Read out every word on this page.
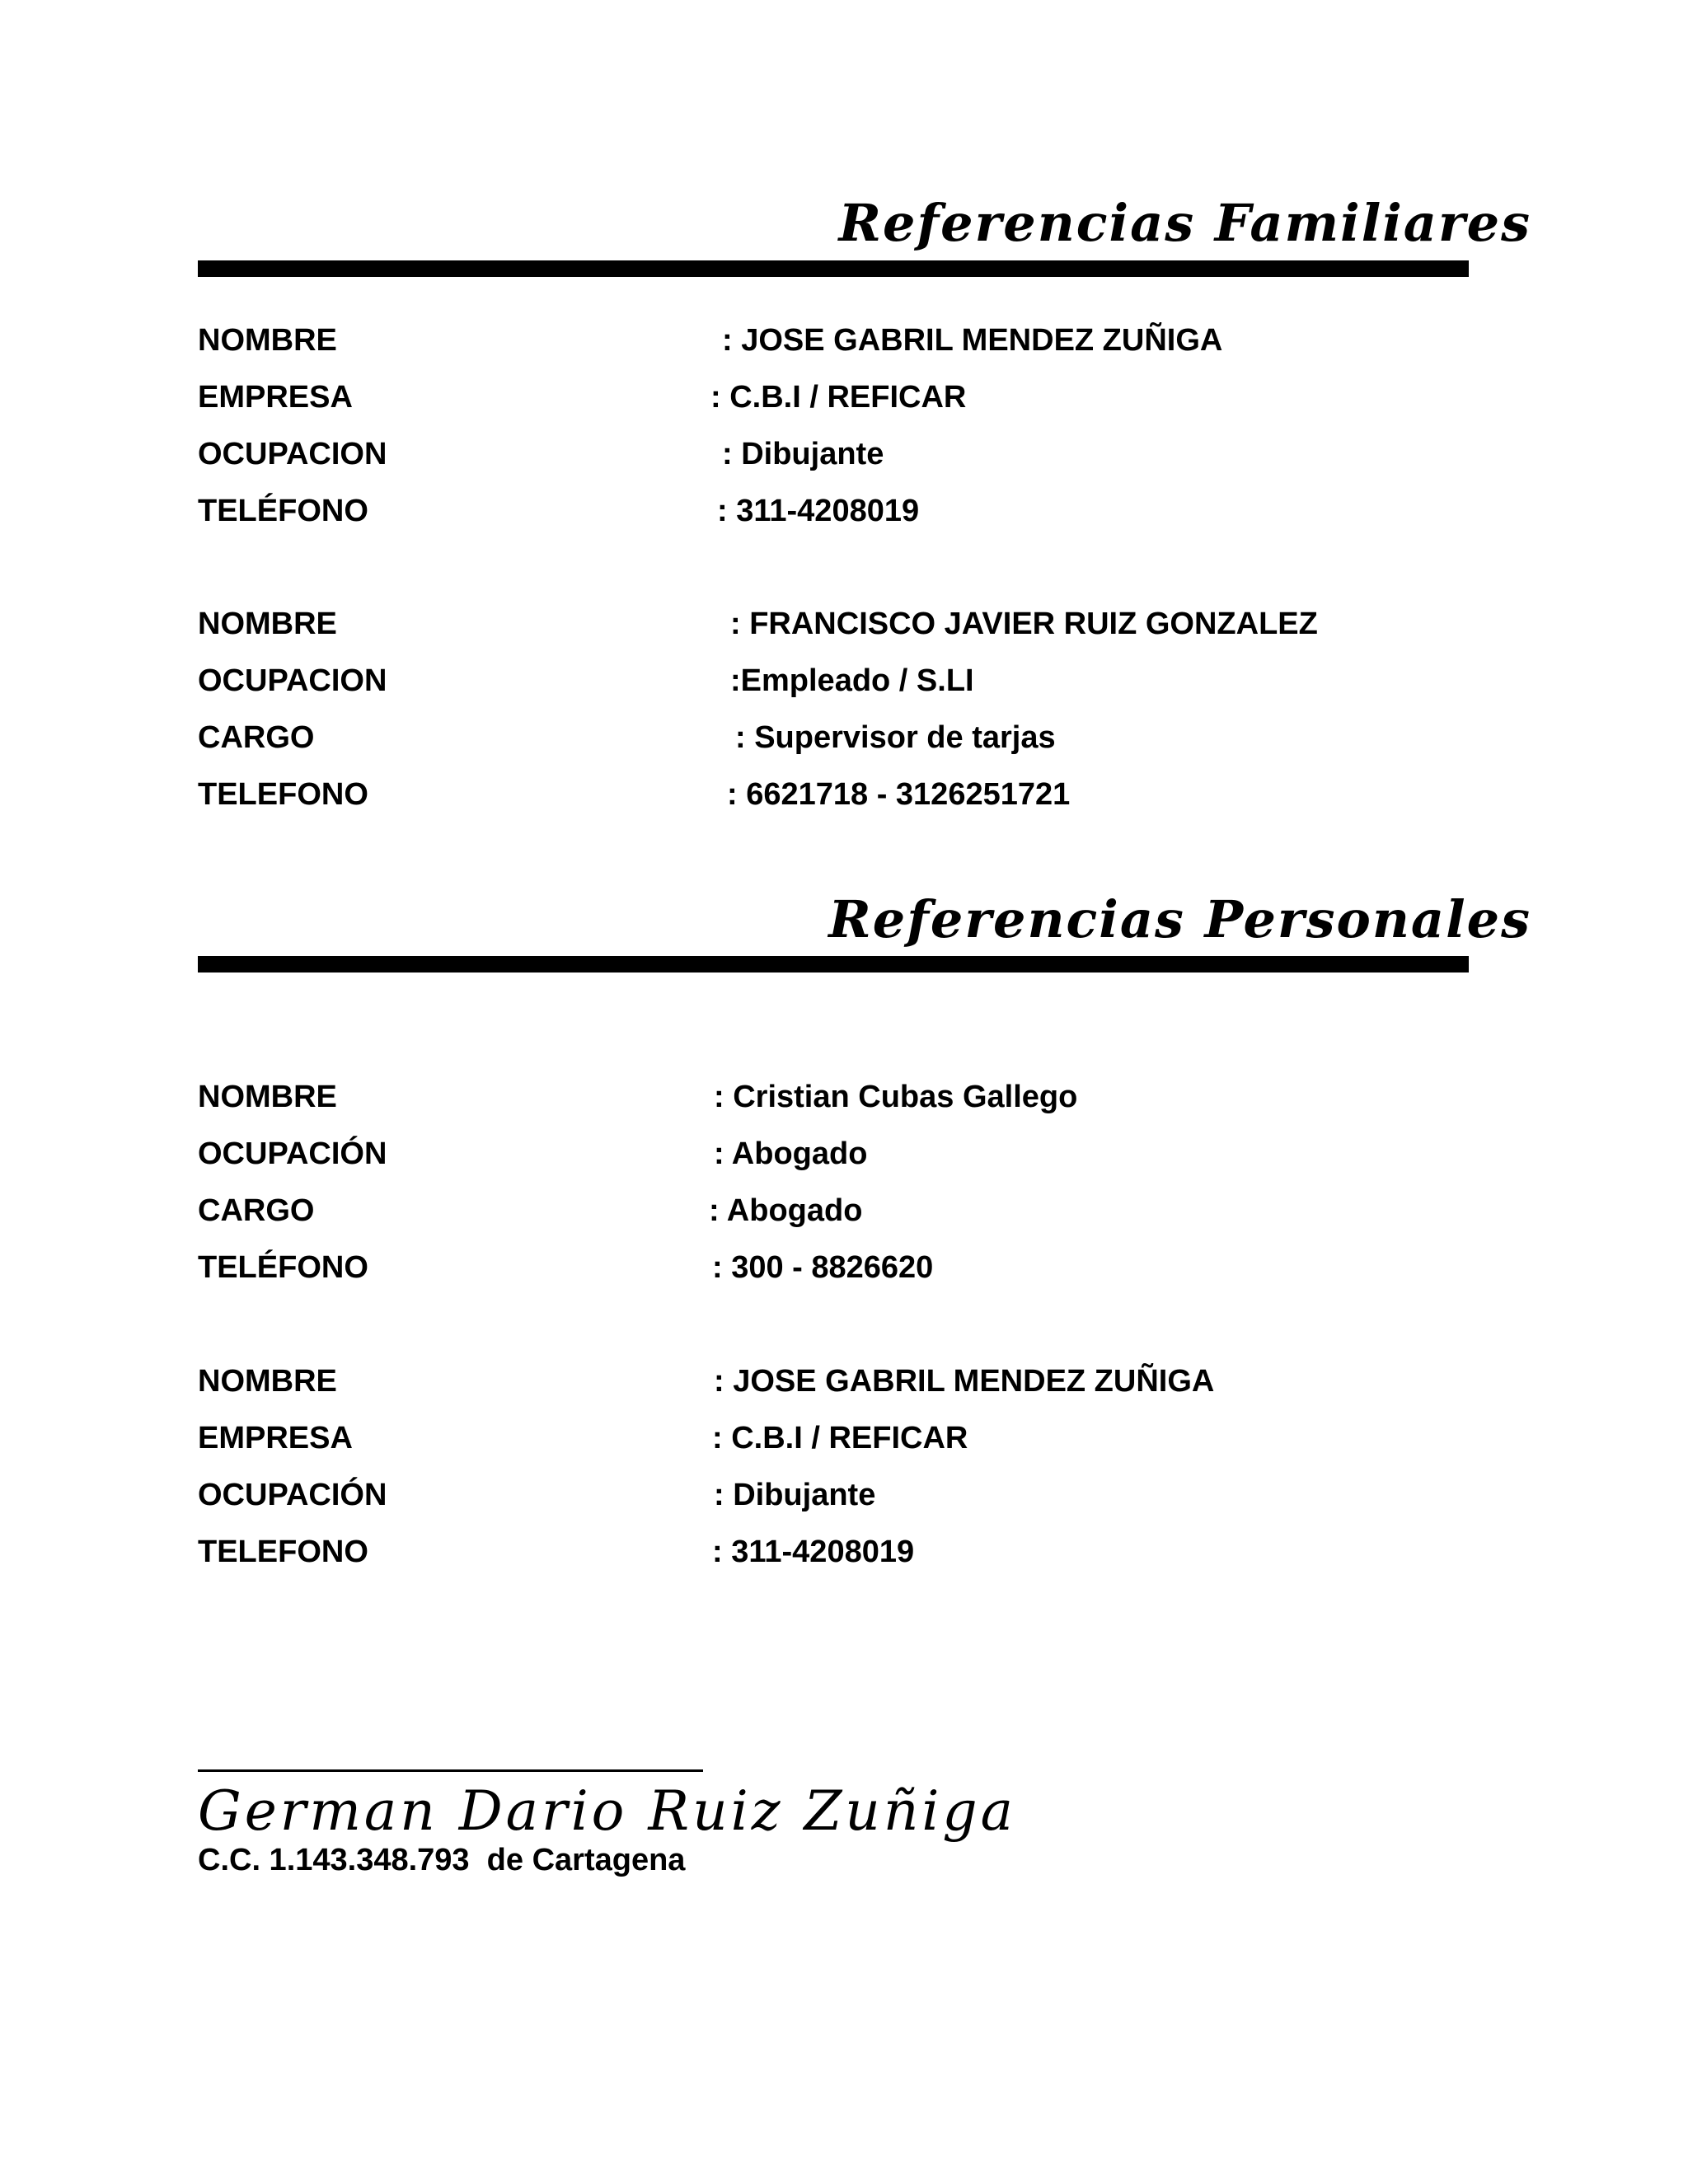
Referencias Familiares
NOMBRE	: JOSE GABRIL MENDEZ ZUÑIGA
EMPRESA	: C.B.I / REFICAR
OCUPACION	: Dibujante
TELÉFONO	: 311-4208019
NOMBRE	: FRANCISCO JAVIER RUIZ GONZALEZ
OCUPACION	:Empleado / S.LI
CARGO	: Supervisor de tarjas
TELEFONO	: 6621718 - 3126251721
Referencias Personales
NOMBRE	: Cristian Cubas Gallego
OCUPACIÓN	: Abogado
CARGO	: Abogado
TELÉFONO	: 300 - 8826620
NOMBRE	: JOSE GABRIL MENDEZ ZUÑIGA
EMPRESA	: C.B.I / REFICAR
OCUPACIÓN	: Dibujante
TELEFONO	: 311-4208019
German Dario Ruiz Zuñiga
C.C. 1.143.348.793  de Cartagena
